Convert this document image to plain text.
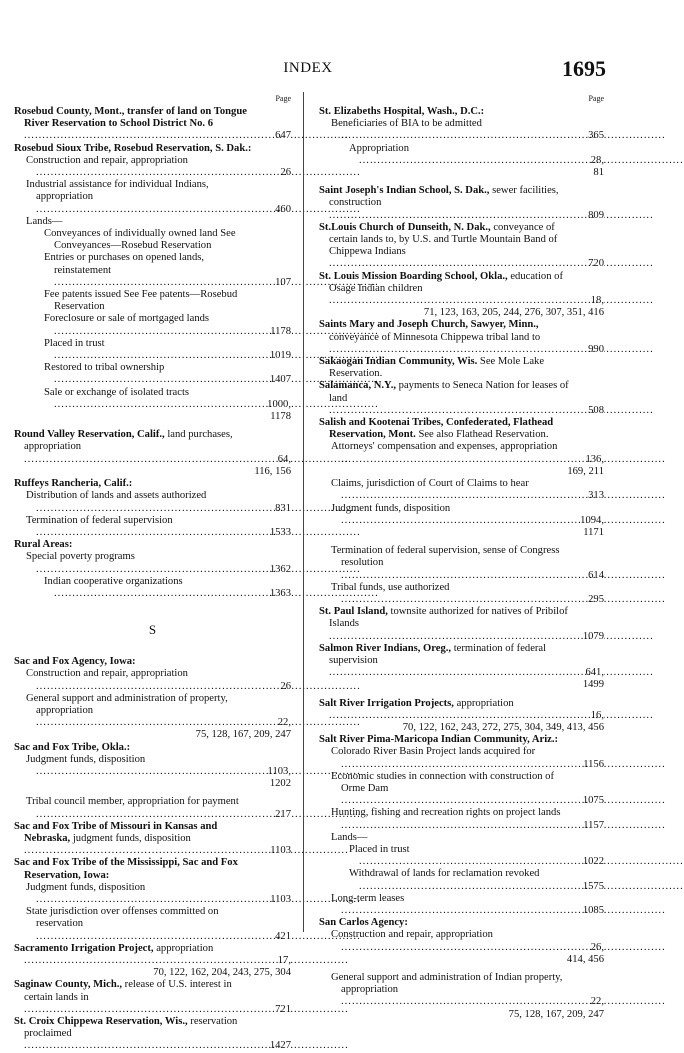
INDEX	1695
Page
Rosebud County, Mont., transfer of land on Tongue River Reservation to School District No. 6 .....
647
Rosebud Sioux Tribe, Rosebud Reservation, S. Dak.:
Construction and repair, appropriation .....
26
Industrial assistance for individual Indians, appropriation .....
460
Lands—
Conveyances of individually owned land See Conveyances—Rosebud Reservation
Entries or purchases on opened lands, reinstatement .....
107
Fee patents issued See Fee patents—Rosebud Reservation
Foreclosure or sale of mortgaged lands .....
1178
Placed in trust .....
1019
Restored to tribal ownership .....
1407
Sale or exchange of isolated tracts .....
1000,
1178
Round Valley Reservation, Calif., land purchases, appropriation .....
64,
116, 156
Ruffeys Rancheria, Calif.:
Distribution of lands and assets authorized .....
831
Termination of federal supervision .....
1533
Rural Areas:
Special poverty programs .....
1362
Indian cooperative organizations .....
1363
S
Sac and Fox Agency, Iowa:
Construction and repair, appropriation .....
26
General support and administration of property, appropriation .....
22,
75, 128, 167, 209, 247
Sac and Fox Tribe, Okla.:
Judgment funds, disposition .....
1103,
1202
Tribal council member, appropriation for payment .....
217
Sac and Fox Tribe of Missouri in Kansas and Nebraska, judgment funds, disposition .....
1103
Sac and Fox Tribe of the Mississippi, Sac and Fox Reservation, Iowa:
Judgment funds, disposition .....
1103
State jurisdiction over offenses committed on reservation .....
421
Sacramento Irrigation Project, appropriation .....
17,
70, 122, 162, 204, 243, 275, 304
Saginaw County, Mich., release of U.S. interest in certain lands in .....
721
St. Croix Chippewa Reservation, Wis., reservation proclaimed .....
1427
Page
St. Elizabeths Hospital, Wash., D.C.:
Beneficiaries of BIA to be admitted .....
365
Appropriation .....
28,
81
Saint Joseph's Indian School, S. Dak., sewer facilities, construction .....
809
St.Louis Church of Dunseith, N. Dak., conveyance of certain lands to, by U.S. and Turtle Mountain Band of Chippewa Indians .....
720
St. Louis Mission Boarding School, Okla., education of Osage Indian children .....
18,
71, 123, 163, 205, 244, 276, 307, 351, 416
Saints Mary and Joseph Church, Sawyer, Minn., conveyance of Minnesota Chippewa tribal land to .....
990
Sakaogan Indian Community, Wis. See Mole Lake Reservation.
Salamanca, N.Y., payments to Seneca Nation for leases of land .....
508
Salish and Kootenai Tribes, Confederated, Flathead Reservation, Mont. See also Flathead Reservation.
Attorneys' compensation and expenses, appropriation .....
136,
169, 211
Claims, jurisdiction of Court of Claims to hear .....
313
Judgment funds, disposition .....
1094,
1171
Termination of federal supervision, sense of Congress resolution .....
614
Tribal funds, use authorized .....
295
St. Paul Island, townsite authorized for natives of Pribilof Islands .....
1079
Salmon River Indians, Oreg., termination of federal supervision .....
641,
1499
Salt River Irrigation Projects, appropriation .....
16,
70, 122, 162, 243, 272, 275, 304, 349, 413, 456
Salt River Pima-Maricopa Indian Community, Ariz.:
Colorado River Basin Project lands acquired for .....
1156
Economic studies in connection with construction of Orme Dam .....
1075
Hunting, fishing and recreation rights on project lands .....
1157
Lands—
Placed in trust .....
1022
Withdrawal of lands for reclamation revoked .....
1575
Long-term leases .....
1085
San Carlos Agency:
Construction and repair, appropriation .....
26,
414, 456
General support and administration of Indian property, appropriation .....
22,
75, 128, 167, 209, 247
